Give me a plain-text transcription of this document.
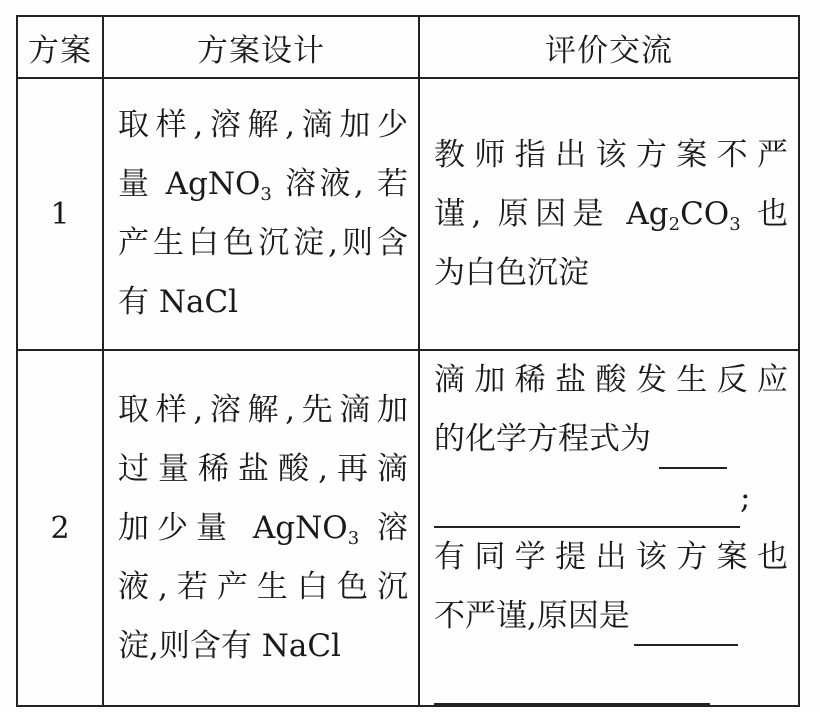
方案	方案设计	评价交流
1	取样,溶解,滴加少
量 AgNO$_3$ 溶液, 若
产生白色沉淀,则含
有 NaCl	教师指出该方案不严
谨, 原因是 $Ag_2CO_3$ 也
为白色沉淀

2	取样,溶解,先滴加
过量稀盐酸,再滴
加少量 AgNO$_3$ 溶
液,若产生白色沉
淀,则含有 NaCl	滴加稀盐酸发生反应
的化学方程式为
;
有同学提出该方案也
不严谨,原因是
